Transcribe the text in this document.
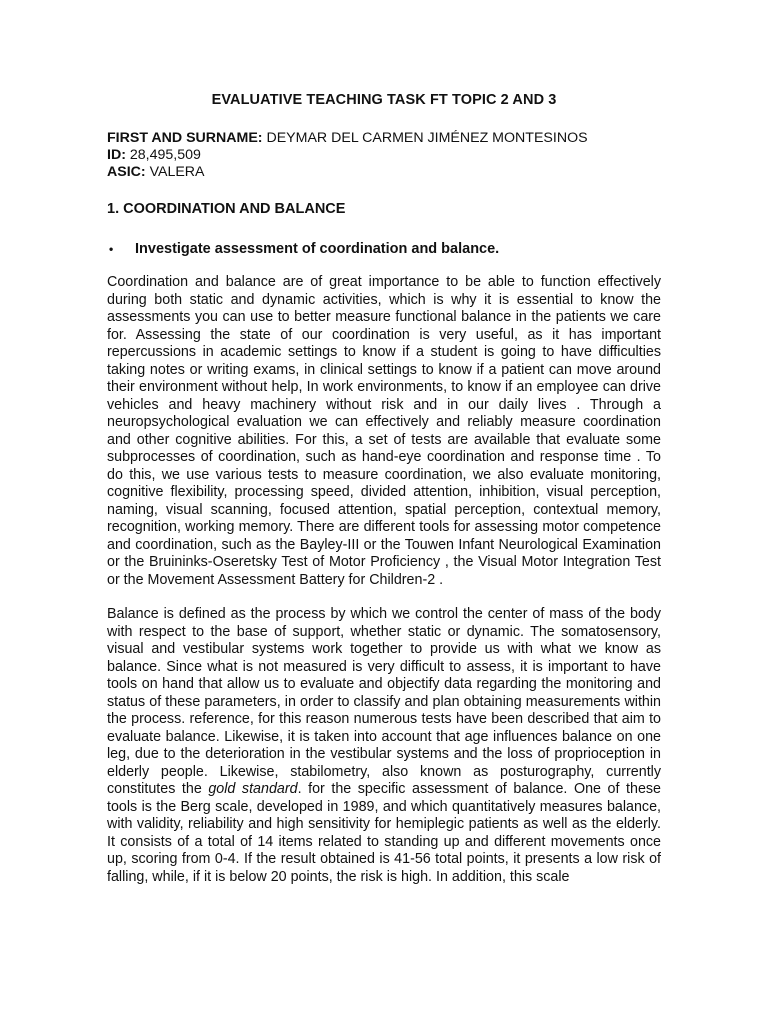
EVALUATIVE TEACHING TASK FT TOPIC 2 AND 3
FIRST AND SURNAME: DEYMAR DEL CARMEN JIMÉNEZ MONTESINOS
ID: 28,495,509
ASIC: VALERA
1. COORDINATION AND BALANCE
•	Investigate assessment of coordination and balance.

Coordination and balance are of great importance to be able to function effectively during both static and dynamic activities, which is why it is essential to know the assessments you can use to better measure functional balance in the patients we care for. Assessing the state of our coordination is very useful, as it has important repercussions in academic settings to know if a student is going to have difficulties taking notes or writing exams, in clinical settings to know if a patient can move around their environment without help, In work environments, to know if an employee can drive vehicles and heavy machinery without risk and in our daily lives . Through a neuropsychological evaluation we can effectively and reliably measure coordination and other cognitive abilities. For this, a set of tests are available that evaluate some subprocesses of coordination, such as hand-eye coordination and response time . To do this, we use various tests to measure coordination, we also evaluate monitoring, cognitive flexibility, processing speed, divided attention, inhibition, visual perception, naming, visual scanning, focused attention, spatial perception, contextual memory, recognition, working memory. There are different tools for assessing motor competence and coordination, such as the Bayley-III or the Touwen Infant Neurological Examination or the Bruininks-Oseretsky Test of Motor Proficiency , the Visual Motor Integration Test or the Movement Assessment Battery for Children-2 .

Balance is defined as the process by which we control the center of mass of the body with respect to the base of support, whether static or dynamic. The somatosensory, visual and vestibular systems work together to provide us with what we know as balance. Since what is not measured is very difficult to assess, it is important to have tools on hand that allow us to evaluate and objectify data regarding the monitoring and status of these parameters, in order to classify and plan obtaining measurements within the process. reference, for this reason numerous tests have been described that aim to evaluate balance. Likewise, it is taken into account that age influences balance on one leg, due to the deterioration in the vestibular systems and the loss of proprioception in elderly people. Likewise, stabilometry, also known as posturography, currently constitutes the gold standard. for the specific assessment of balance. One of these tools is the Berg scale, developed in 1989, and which quantitatively measures balance, with validity, reliability and high sensitivity for hemiplegic patients as well as the elderly. It consists of a total of 14 items related to standing up and different movements once up, scoring from 0-4. If the result obtained is 41-56 total points, it presents a low risk of falling, while, if it is below 20 points, the risk is high. In addition, this scale
